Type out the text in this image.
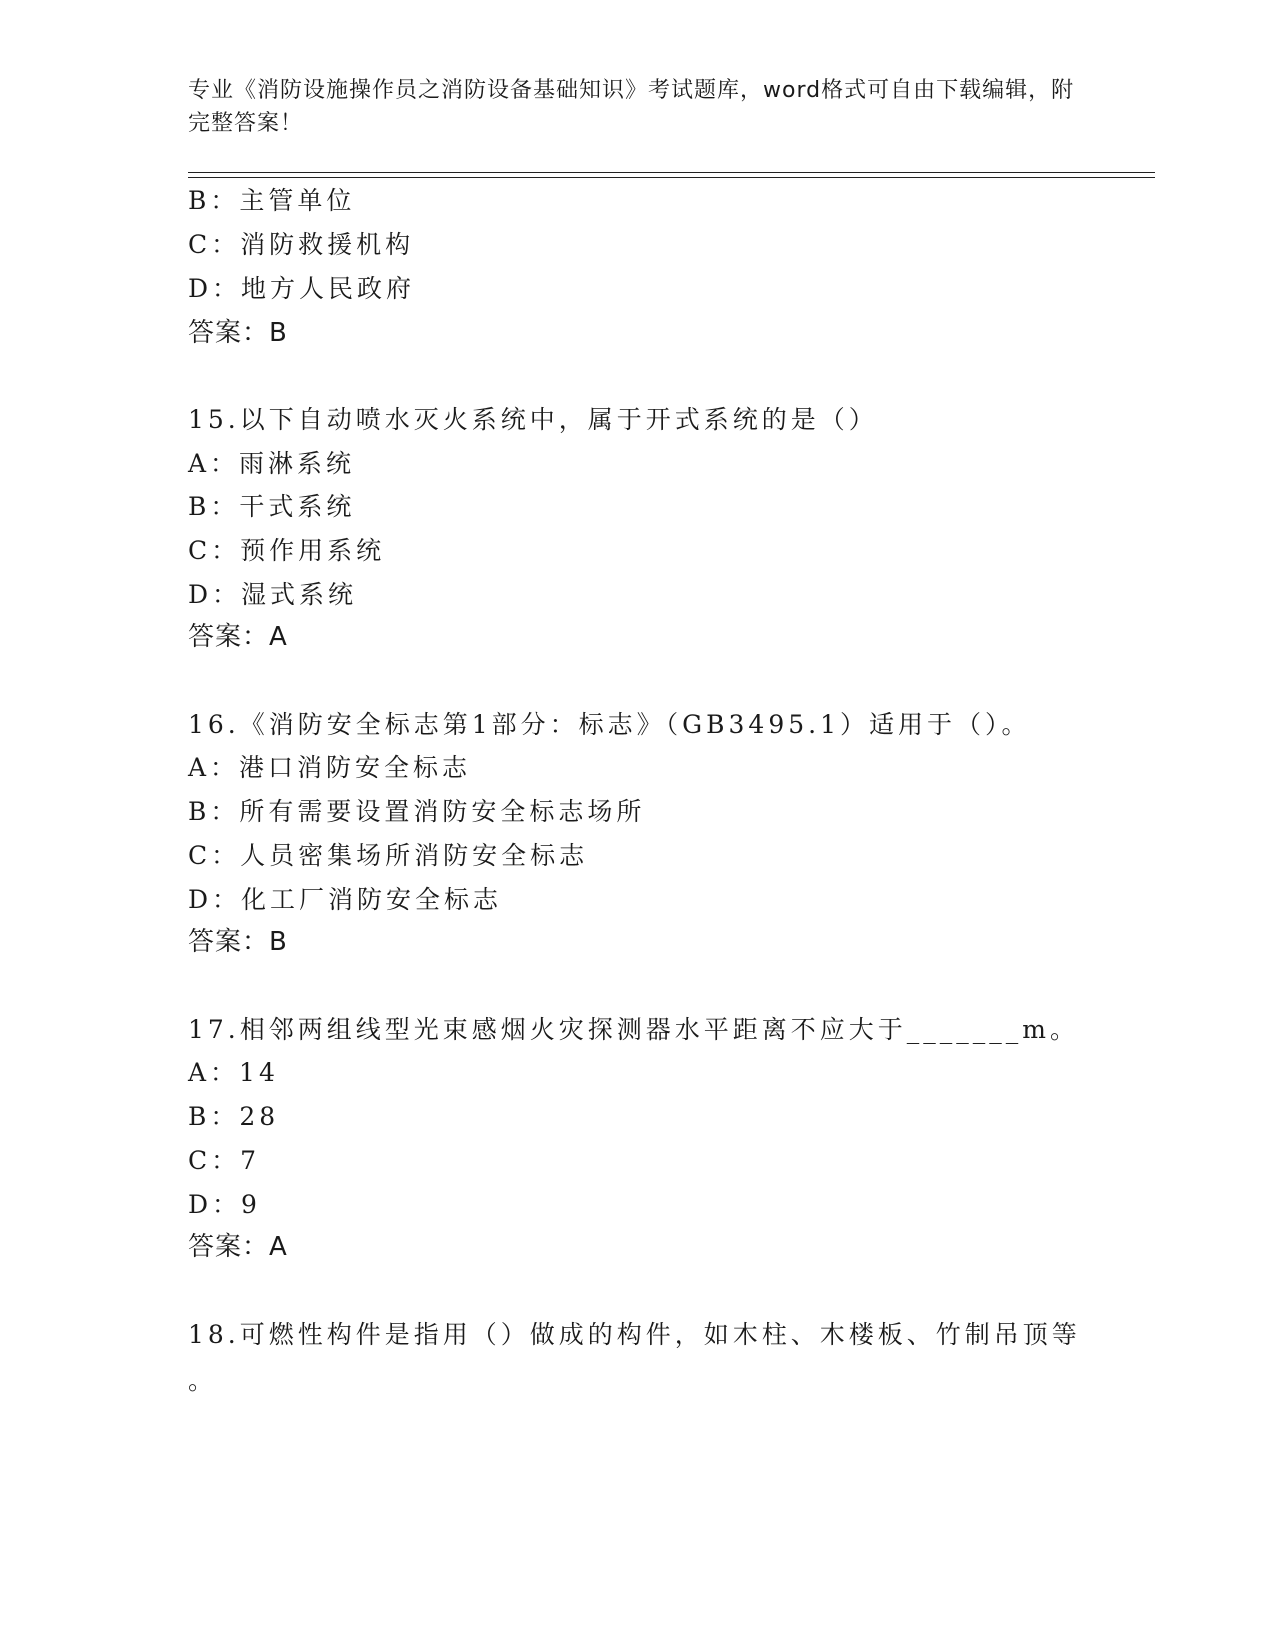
专业《消防设施操作员之消防设备基础知识》考试题库，word格式可自由下载编辑，附完整答案！
B：主管单位
C：消防救援机构
D：地方人民政府
答案：B
15.以下自动喷水灭火系统中，属于开式系统的是（）
A：雨淋系统
B：干式系统
C：预作用系统
D：湿式系统
答案：A
16.《消防安全标志第1部分：标志》（GB3495.1）适用于（）。
A：港口消防安全标志
B：所有需要设置消防安全标志场所
C：人员密集场所消防安全标志
D：化工厂消防安全标志
答案：B
17.相邻两组线型光束感烟火灾探测器水平距离不应大于_______m。
A：14
B：28
C：7
D：9
答案：A
18.可燃性构件是指用（）做成的构件，如木柱、木楼板、竹制吊顶等
。
